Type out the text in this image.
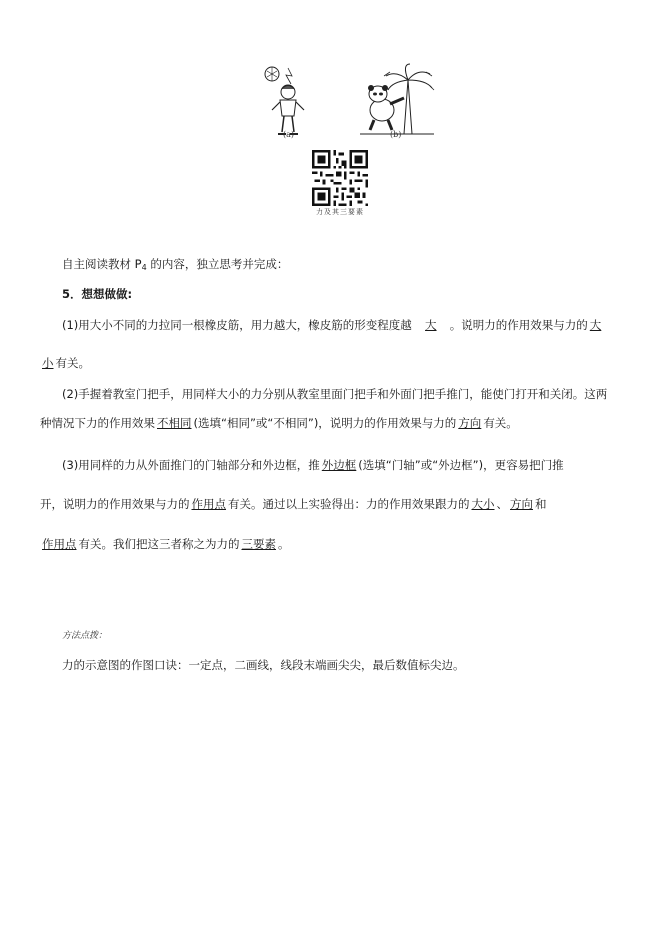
(a)	(b)
力及其三要素
自主阅读教材 $P_4$ 的内容，独立思考并完成：
5．想想做做:
(1)用大小不同的力拉同一根橡皮筋，用力越大，橡皮筋的形变程度越大。说明力的作用效果与力的大
小有关。
(2)手握着教室门把手，用同样大小的力分别从教室里面门把手和外面门把手推门，能使门打开和关闭。这两
种情况下力的作用效果不相同(选填“相同”或“不相同”)，说明力的作用效果与力的方向有关。
(3)用同样的力从外面推门的门轴部分和外边框，推外边框(选填“门轴”或“外边框”)，更容易把门推
开，说明力的作用效果与力的作用点有关。通过以上实验得出：力的作用效果跟力的大小、方向和
作用点有关。我们把这三者称之为力的三要素。
方法点拨：
力的示意图的作图口诀：一定点，二画线，线段末端画尖尖，最后数值标尖边。
